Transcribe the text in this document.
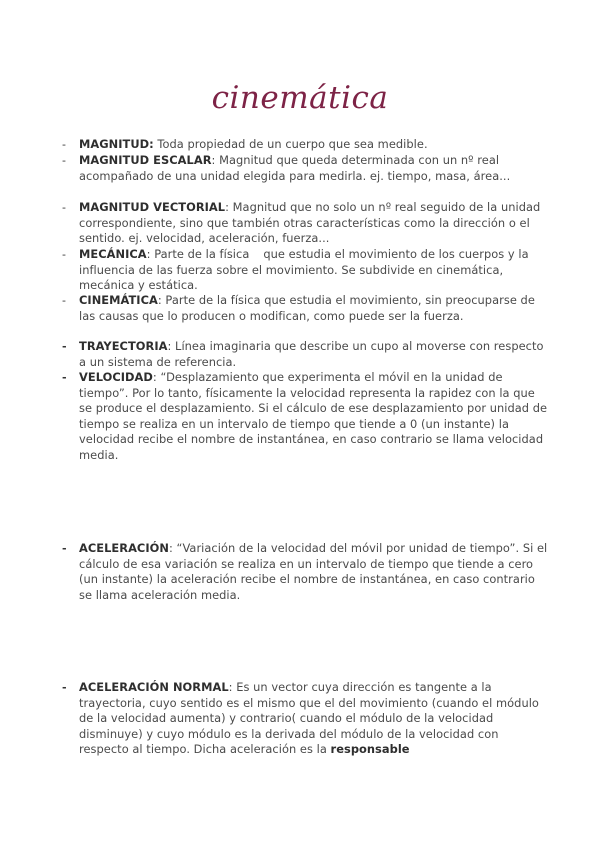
cinemática
- MAGNITUD: Toda propiedad de un cuerpo que sea medible.
- MAGNITUD ESCALAR: Magnitud que queda determinada con un nº real acompañado de una unidad elegida para medirla. ej. tiempo, masa, área...
- MAGNITUD VECTORIAL: Magnitud que no solo un nº real seguido de la unidad correspondiente, sino que también otras características como la dirección o el sentido. ej. velocidad, aceleración, fuerza...
- MECÁNICA: Parte de la física que estudia el movimiento de los cuerpos y la influencia de las fuerza sobre el movimiento. Se subdivide en cinemática, mecánica y estática.
- CINEMÁTICA: Parte de la física que estudia el movimiento, sin preocuparse de las causas que lo producen o modifican, como puede ser la fuerza.
- TRAYECTORIA: Línea imaginaria que describe un cupo al moverse con respecto a un sistema de referencia.
- VELOCIDAD: “Desplazamiento que experimenta el móvil en la unidad de tiempo”. Por lo tanto, físicamente la velocidad representa la rapidez con la que se produce el desplazamiento. Si el cálculo de ese desplazamiento por unidad de tiempo se realiza en un intervalo de tiempo que tiende a 0 (un instante) la velocidad recibe el nombre de instantánea, en caso contrario se llama velocidad media.
- ACELERACIÓN: “Variación de la velocidad del móvil por unidad de tiempo”. Si el cálculo de esa variación se realiza en un intervalo de tiempo que tiende a cero (un instante) la aceleración recibe el nombre de instantánea, en caso contrario se llama aceleración media.
- ACELERACIÓN NORMAL: Es un vector cuya dirección es tangente a la trayectoria, cuyo sentido es el mismo que el del movimiento (cuando el módulo de la velocidad aumenta) y contrario( cuando el módulo de la velocidad disminuye) y cuyo módulo es la derivada del módulo de la velocidad con respecto al tiempo. Dicha aceleración es la responsable
